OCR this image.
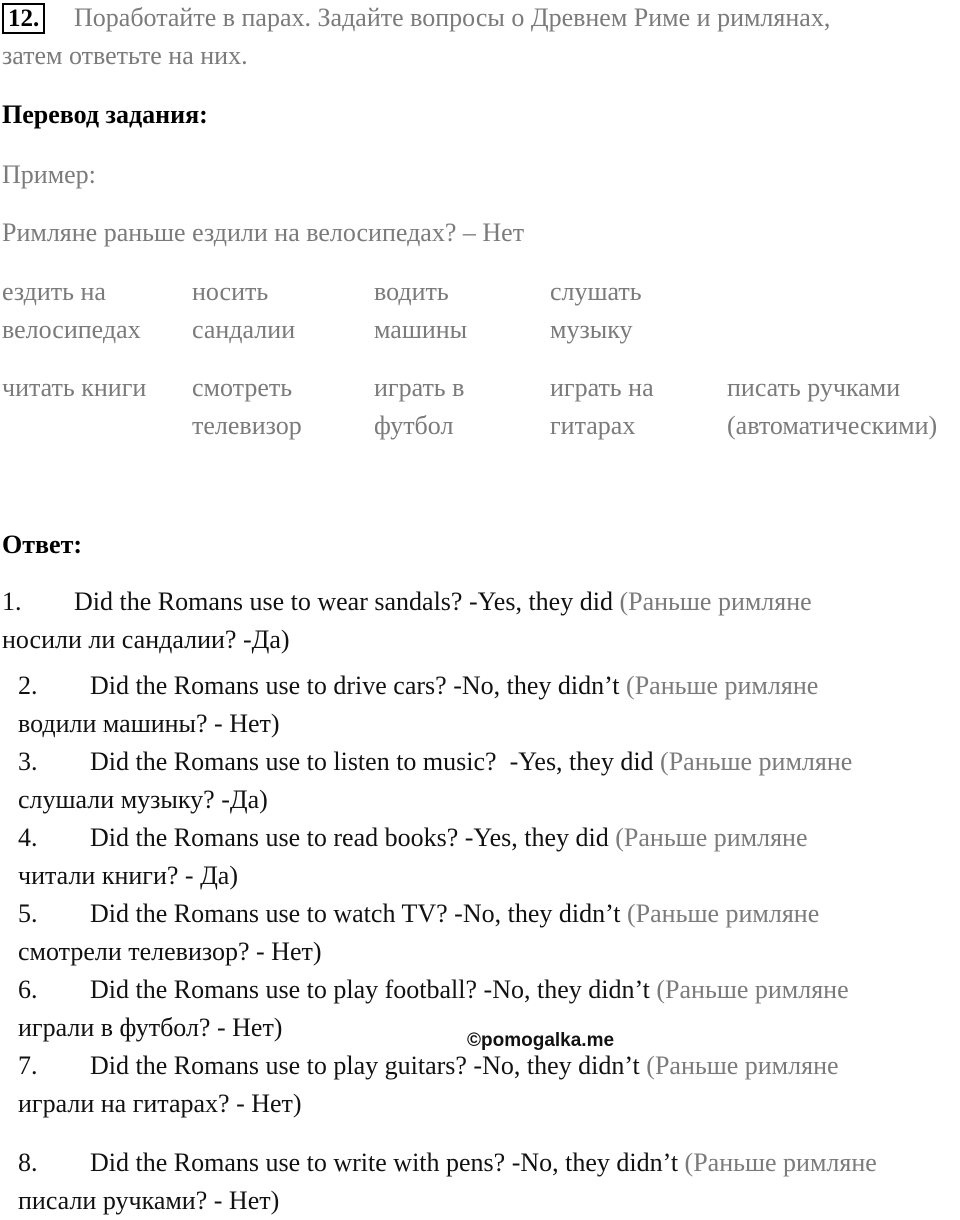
12. Поработайте в парах. Задайте вопросы о Древнем Риме и римлянах,
затем ответьте на них.
Перевод задания:
Пример:
Римляне раньше ездили на велосипедах? – Нет
ездить на
велосипедах
носить
сандалии
водить
машины
слушать
музыку
читать книги смотреть
телевизор
играть в
футбол
играть на
гитарах
писать ручками
(автоматическими)
Ответ:
1. Did the Romans use to wear sandals? -Yes, they did (Раньше римляне
носили ли сандалии? -Да)
2. Did the Romans use to drive cars? -No, they didn’t (Раньше римляне
водили машины? - Нет)
3. Did the Romans use to listen to music?  -Yes, they did (Раньше римляне
слушали музыку? -Да)
4. Did the Romans use to read books? -Yes, they did (Раньше римляне
читали книги? - Да)
5. Did the Romans use to watch TV? -No, they didn’t (Раньше римляне
смотрели телевизор? - Нет)
6. Did the Romans use to play football? -No, they didn’t (Раньше римляне
играли в футбол? - Нет)
7. Did the Romans use to play guitars? -No, they didn’t (Раньше римляне
играли на гитарах? - Нет)
8. Did the Romans use to write with pens? -No, they didn’t (Раньше римляне
писали ручками? - Нет)
©pomogalka.me
